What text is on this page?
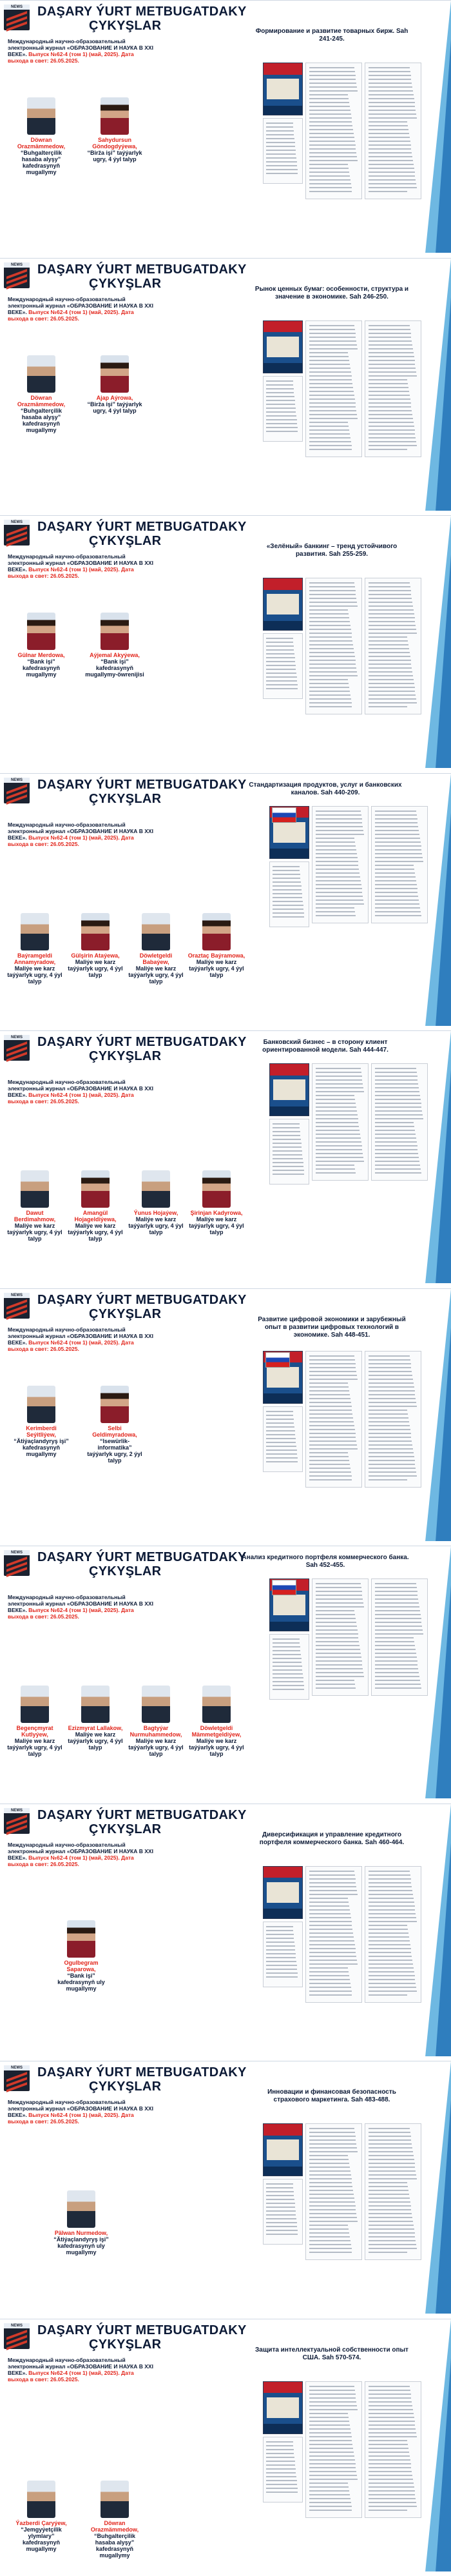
NEWS	DAŞARY ÝURT METBUGATDAKY
ÇYKYŞLAR
Международный научно-образовательный электронный журнал «ОБРАЗОВАНИЕ И НАУКА В XXI ВЕКЕ». Выпуск №62-4 (том 1) (май, 2025). Дата выхода в свет: 26.05.2025.
Формирование и развитие товарных бирж. Sah 241-245.
Döwran Orazmämmedow,
“Buhgalterçilik hasaba alyşy” kafedrasynyň mugallymy
Sahydursun Göndogdyýewa,
“Birža işi” taýýarlyk ugry, 4 ýyl talyp
NEWS	DAŞARY ÝURT METBUGATDAKY
ÇYKYŞLAR
Международный научно-образовательный электронный журнал «ОБРАЗОВАНИЕ И НАУКА В XXI ВЕКЕ». Выпуск №62-4 (том 1) (май, 2025). Дата выхода в свет: 26.05.2025.
Рынок ценных бумаг: особенности, структура и значение в экономике. Sah 246-250.
Döwran Orazmämmedow,
“Buhgalterçilik hasaba alyşy” kafedrasynyň mugallymy
Ajap Aýrowa,
“Birža işi” taýýarlyk ugry, 4 ýyl talyp
NEWS	DAŞARY ÝURT METBUGATDAKY
ÇYKYŞLAR
Международный научно-образовательный электронный журнал «ОБРАЗОВАНИЕ И НАУКА В XXI ВЕКЕ». Выпуск №62-4 (том 1) (май, 2025). Дата выхода в свет: 26.05.2025.
«Зелёный» банкинг – тренд устойчивого развития. Sah 255-259.
Gülnar Merdowa,
“Bank işi” kafedrasynyň mugallymy
Aýjemal Akyýewa,
“Bank işi” kafedrasynyň mugallymy-öwrenijisi
NEWS	DAŞARY ÝURT METBUGATDAKY
ÇYKYŞLAR
Международный научно-образовательный электронный журнал «ОБРАЗОВАНИЕ И НАУКА В XXI ВЕКЕ». Выпуск №62-4 (том 1) (май, 2025). Дата выхода в свет: 26.05.2025.
Стандартизация продуктов, услуг и банковских каналов. Sah 440-209.
Baýramgeldi Annamyradow,
Maliýe we karz taýýarlyk ugry, 4 ýyl talyp
Gülşirin Ataýewa,
Maliýe we karz taýýarlyk ugry, 4 ýyl talyp
Döwletgeldi Babaýew,
Maliýe we karz taýýarlyk ugry, 4 ýyl talyp
Oraztaç Baýramowa,
Maliýe we karz taýýarlyk ugry, 4 ýyl talyp
NEWS	DAŞARY ÝURT METBUGATDAKY
ÇYKYŞLAR
Международный научно-образовательный электронный журнал «ОБРАЗОВАНИЕ И НАУКА В XXI ВЕКЕ». Выпуск №62-4 (том 1) (май, 2025). Дата выхода в свет: 26.05.2025.
Банковский бизнес – в сторону клиент ориентированной модели. Sah 444-447.
Dawut Berdimahmow,
Maliýe we karz taýýarlyk ugry, 4 ýyl talyp
Amangül Hojageldiýewa,
Maliýe we karz taýýarlyk ugry, 4 ýyl talyp
Ýunus Hojaýew,
Maliýe we karz taýýarlyk ugry, 4 ýyl talyp
Şirinjan Kadyrowa,
Maliýe we karz taýýarlyk ugry, 4 ýyl talyp
NEWS	DAŞARY ÝURT METBUGATDAKY
ÇYKYŞLAR
Международный научно-образовательный электронный журнал «ОБРАЗОВАНИЕ И НАУКА В XXI ВЕКЕ». Выпуск №62-4 (том 1) (май, 2025). Дата выхода в свет: 26.05.2025.
Развитие цифровой экономики и зарубежный опыт в развитии цифровых технологий в экономике. Sah 448-451.
Kerimberdi Seýitliýew,
“Ätiýaçlandyryş işi” kafedrasynyň mugallymy
Selbi Geldimyradowa,
“Isewürlik-informatika” taýýarlyk ugry, 2 ýyl talyp
NEWS	DAŞARY ÝURT METBUGATDAKY
ÇYKYŞLAR
Международный научно-образовательный электронный журнал «ОБРАЗОВАНИЕ И НАУКА В XXI ВЕКЕ». Выпуск №62-4 (том 1) (май, 2025). Дата выхода в свет: 26.05.2025.
Анализ кредитного портфеля коммерческого банка. Sah 452-455.
Begençmyrat Kutlyýew,
Maliýe we karz taýýarlyk ugry, 4 ýyl talyp
Ezizmyrat Lallakow,
Maliýe we karz taýýarlyk ugry, 4 ýyl talyp
Bagtyýar Nurmuhammedow,
Maliýe we karz taýýarlyk ugry, 4 ýyl talyp
Döwletgeldi Mämmetgeldiýew,
Maliýe we karz taýýarlyk ugry, 4 ýyl talyp
NEWS	DAŞARY ÝURT METBUGATDAKY
ÇYKYŞLAR
Международный научно-образовательный электронный журнал «ОБРАЗОВАНИЕ И НАУКА В XXI ВЕКЕ». Выпуск №62-4 (том 1) (май, 2025). Дата выхода в свет: 26.05.2025.
Диверсификация и управление кредитного портфеля коммерческого банка. Sah 460-464.
Ogulbegram Saparowa,
“Bank işi” kafedrasynyň uly mugallymy
NEWS	DAŞARY ÝURT METBUGATDAKY
ÇYKYŞLAR
Международный научно-образовательный электронный журнал «ОБРАЗОВАНИЕ И НАУКА В XXI ВЕКЕ». Выпуск №62-4 (том 1) (май, 2025). Дата выхода в свет: 26.05.2025.
Инновации и финансовая безопасность страхового маркетинга. Sah 483-488.
Pälwan Nurmedow,
“Ätiýaçlandyryş işi” kafedrasynyň uly mugallymy
NEWS	DAŞARY ÝURT METBUGATDAKY
ÇYKYŞLAR
Международный научно-образовательный электронный журнал «ОБРАЗОВАНИЕ И НАУКА В XXI ВЕКЕ». Выпуск №62-4 (том 1) (май, 2025). Дата выхода в свет: 26.05.2025.
Защита интеллектуальной собственности опыт США. Sah 570-574.
Ýazberdi Çaryýew,
“Jemgyýetçilik ylymlary” kafedrasynyň mugallymy
Döwran Orazmämmedow,
“Buhgalterçilik hasaba alyşy” kafedrasynyň mugallymy
